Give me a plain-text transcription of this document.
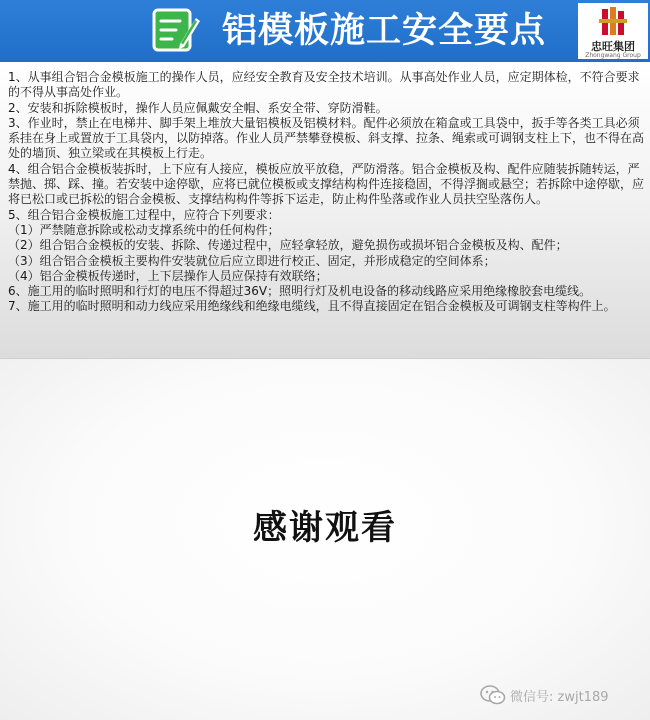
铝模板施工安全要点	忠旺集团
Zhongwang Group

1、从事组合铝合金模板施工的操作人员，应经安全教育及安全技术培训。从事高处作业人员，应定期体检，不符合要求的不得从事高处作业。

2、安装和拆除模板时，操作人员应佩戴安全帽、系安全带、穿防滑鞋。

3、作业时，禁止在电梯井、脚手架上堆放大量铝模板及铝模材料。配件必须放在箱盒或工具袋中，扳手等各类工具必须系挂在身上或置放于工具袋内，以防掉落。作业人员严禁攀登模板、斜支撑、拉条、绳索或可调钢支柱上下，也不得在高处的墙顶、独立梁或在其模板上行走。

4、组合铝合金模板装拆时，上下应有人接应，模板应放平放稳，严防滑落。铝合金模板及构、配件应随装拆随转运，严禁抛、掷、踩、撞。若安装中途停歇，应将已就位模板或支撑结构构件连接稳固，不得浮搁或悬空；若拆除中途停歇，应将已松口或已拆松的铝合金模板、支撑结构构件等拆下运走，防止构件坠落或作业人员扶空坠落伤人。

5、组合铝合金模板施工过程中，应符合下列要求：

（1）严禁随意拆除或松动支撑系统中的任何构件；

（2）组合铝合金模板的安装、拆除、传递过程中，应轻拿轻放，避免损伤或损坏铝合金模板及构、配件；

（3）组合铝合金模板主要构件安装就位后应立即进行校正、固定，并形成稳定的空间体系；

（4）铝合金模板传递时，上下层操作人员应保持有效联络；

6、施工用的临时照明和行灯的电压不得超过36V；照明行灯及机电设备的移动线路应采用绝缘橡胶套电缆线。

7、施工用的临时照明和动力线应采用绝缘线和绝缘电缆线，且不得直接固定在铝合金模板及可调钢支柱等构件上。

感谢观看
微信号: zwjt189
